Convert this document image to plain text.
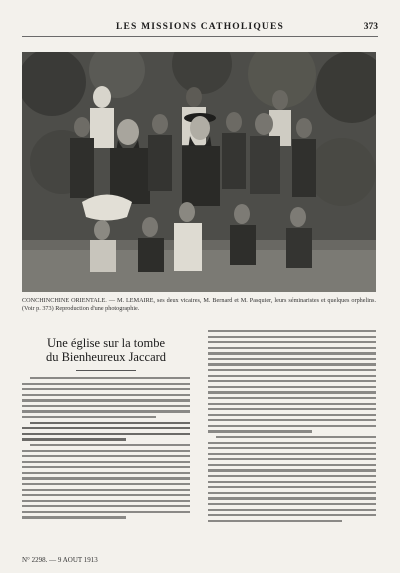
LES MISSIONS CATHOLIQUES	373
CONCHINCHINE ORIENTALE. — M. LEMAIRE, ses deux vicaires, M. Bernard et M. Pasquier, leurs séminaristes et quelques orphelins. (Voir p. 373) Reproduction d'une photographie.
Une église sur la tombe
du Bienheureux Jaccard
N° 2298. — 9 AOUT 1913
